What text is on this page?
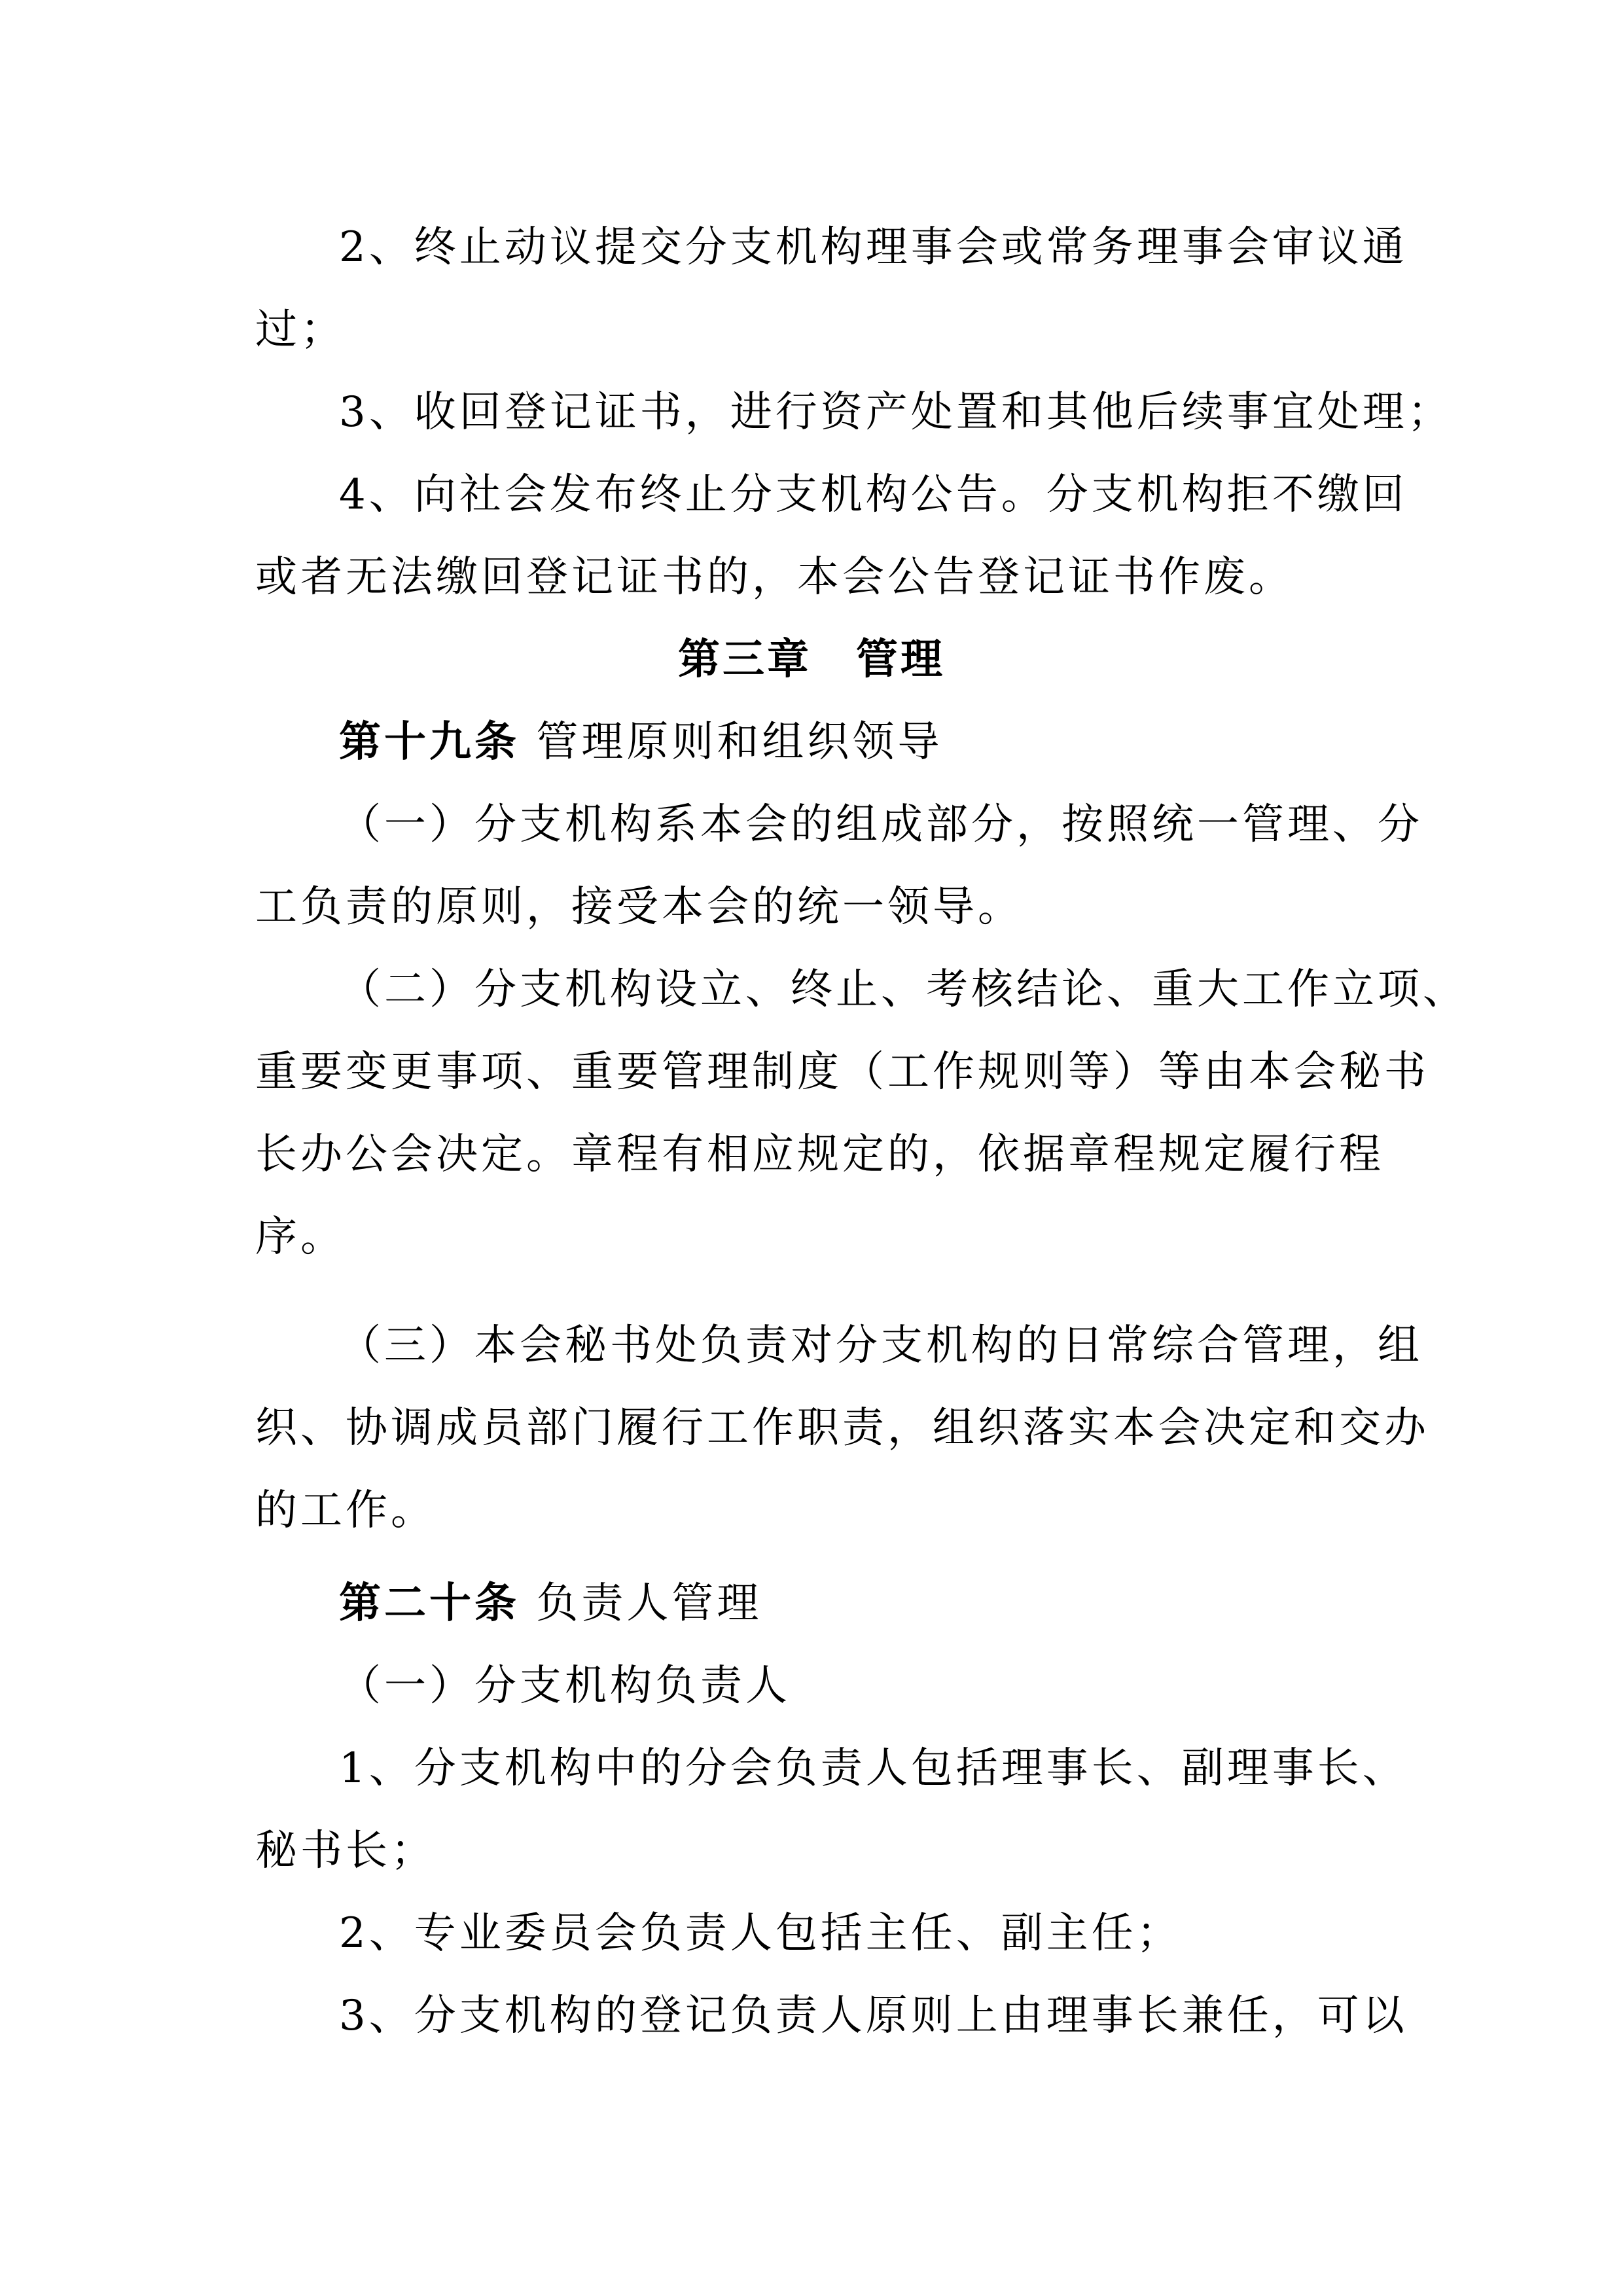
2、终止动议提交分支机构理事会或常务理事会审议通
过；
3、收回登记证书，进行资产处置和其他后续事宜处理；
4、向社会发布终止分支机构公告。分支机构拒不缴回
或者无法缴回登记证书的，本会公告登记证书作废。
第三章　管理
第十九条 管理原则和组织领导
（一）分支机构系本会的组成部分，按照统一管理、分
工负责的原则，接受本会的统一领导。
（二）分支机构设立、终止、考核结论、重大工作立项、
重要变更事项、重要管理制度（工作规则等）等由本会秘书
长办公会决定。章程有相应规定的，依据章程规定履行程
序。
（三）本会秘书处负责对分支机构的日常综合管理，组
织、协调成员部门履行工作职责，组织落实本会决定和交办
的工作。
第二十条 负责人管理
（一）分支机构负责人
1、分支机构中的分会负责人包括理事长、副理事长、
秘书长；
2、专业委员会负责人包括主任、副主任；
3、分支机构的登记负责人原则上由理事长兼任，可以
